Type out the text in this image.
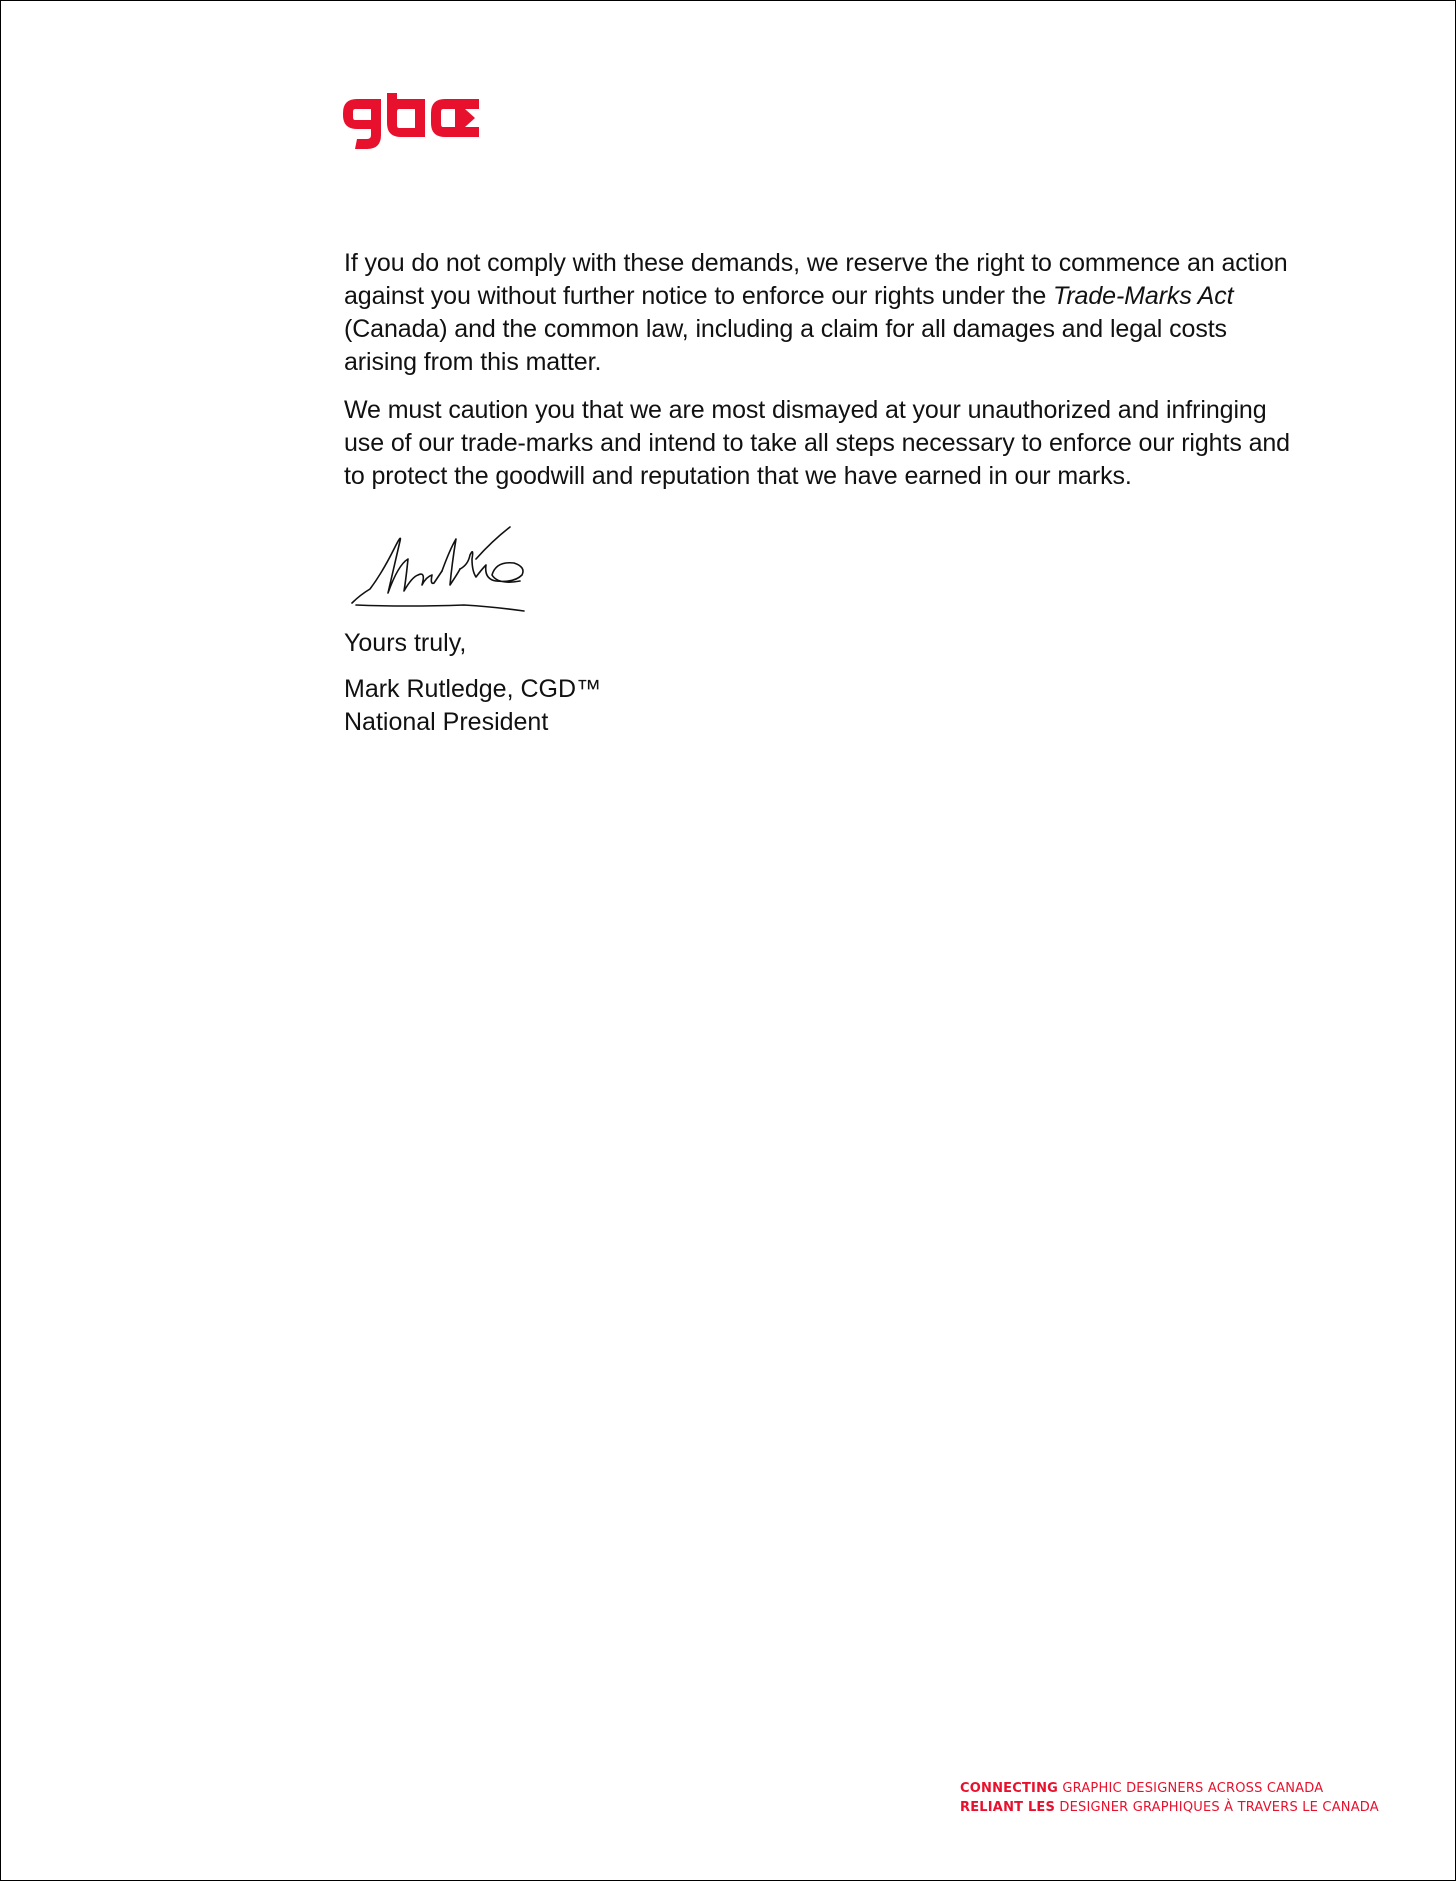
If you do not comply with these demands, we reserve the right to commence an action against you without further notice to enforce our rights under the Trade-Marks Act (Canada) and the common law, including a claim for all damages and legal costs arising from this matter.

We must caution you that we are most dismayed at your unauthorized and infringing use of our trade-marks and intend to take all steps necessary to enforce our rights and to protect the goodwill and reputation that we have earned in our marks.

Yours truly,
Mark Rutledge, CGD™
National President
CONNECTING GRAPHIC DESIGNERS ACROSS CANADA
RELIANT LES DESIGNER GRAPHIQUES À TRAVERS LE CANADA
